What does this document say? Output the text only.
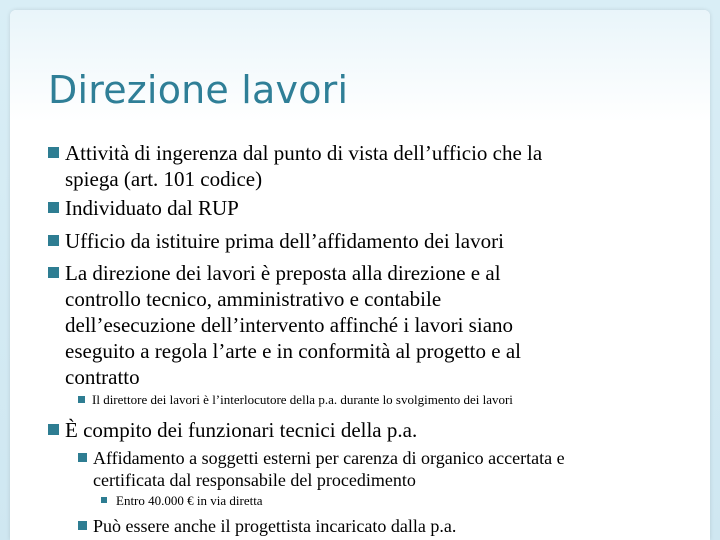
Direzione lavori
Attività di ingerenza dal punto di vista dell’ufficio che la
spiega (art. 101 codice)
Individuato dal RUP
Ufficio da istituire prima dell’affidamento dei lavori
La direzione dei lavori è preposta alla direzione e al
controllo tecnico, amministrativo e contabile
dell’esecuzione dell’intervento affinché i lavori siano
eseguito a regola l’arte e in conformità al progetto e al
contratto
Il direttore dei lavori è l’interlocutore della p.a. durante lo svolgimento dei lavori
È compito dei funzionari tecnici della p.a.
Affidamento a soggetti esterni per carenza di organico accertata e
certificata dal responsabile del procedimento
Entro 40.000 € in via diretta
Può essere anche il progettista incaricato dalla p.a.
